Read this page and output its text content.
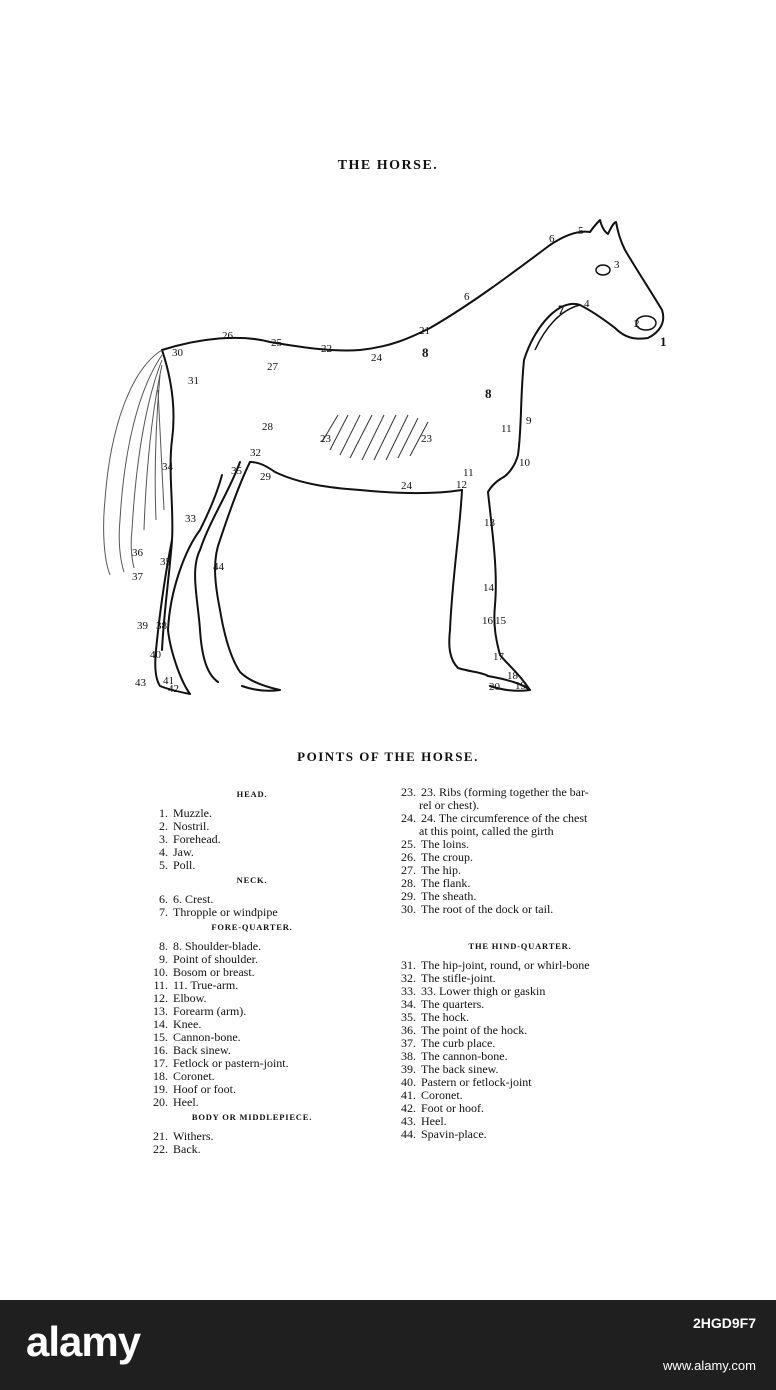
THE HORSE.
1
2
3
4
5
6
6
7
8
8
9
10
11
11
12
13
14
16 15
17
18
19
20
21
22
23	23
24
24
25
26
27
28
29
30
31
32
33
34	35
35
36
37
38
39
40
41
42
43
44
POINTS OF THE HORSE.
HEAD.
1. Muzzle.
2. Nostril.
3. Forehead.
4. Jaw.
5. Poll.
NECK.
6. 6. Crest.
7. Thropple or windpipe
FORE-QUARTER.
8. 8. Shoulder-blade.
9. Point of shoulder.
10. Bosom or breast.
11. 11. True-arm.
12. Elbow.
13. Forearm (arm).
14. Knee.
15. Cannon-bone.
16. Back sinew.
17. Fetlock or pastern-joint.
18. Coronet.
19. Hoof or foot.
20. Heel.
BODY OR MIDDLEPIECE.
21. Withers.
22. Back.
23. 23. Ribs (forming together the bar-
rel or chest).
24. 24. The circumference of the chest
at this point, called the girth
25. The loins.
26. The croup.
27. The hip.
28. The flank.
29. The sheath.
30. The root of the dock or tail.
THE HIND-QUARTER.
31. The hip-joint, round, or whirl-bone
32. The stifle-joint.
33. 33. Lower thigh or gaskin
34. The quarters.
35. The hock.
36. The point of the hock.
37. The curb place.
38. The cannon-bone.
39. The back sinew.
40. Pastern or fetlock-joint
41. Coronet.
42. Foot or hoof.
43. Heel.
44. Spavin-place.
alamy	2HGD9F7
www.alamy.com
